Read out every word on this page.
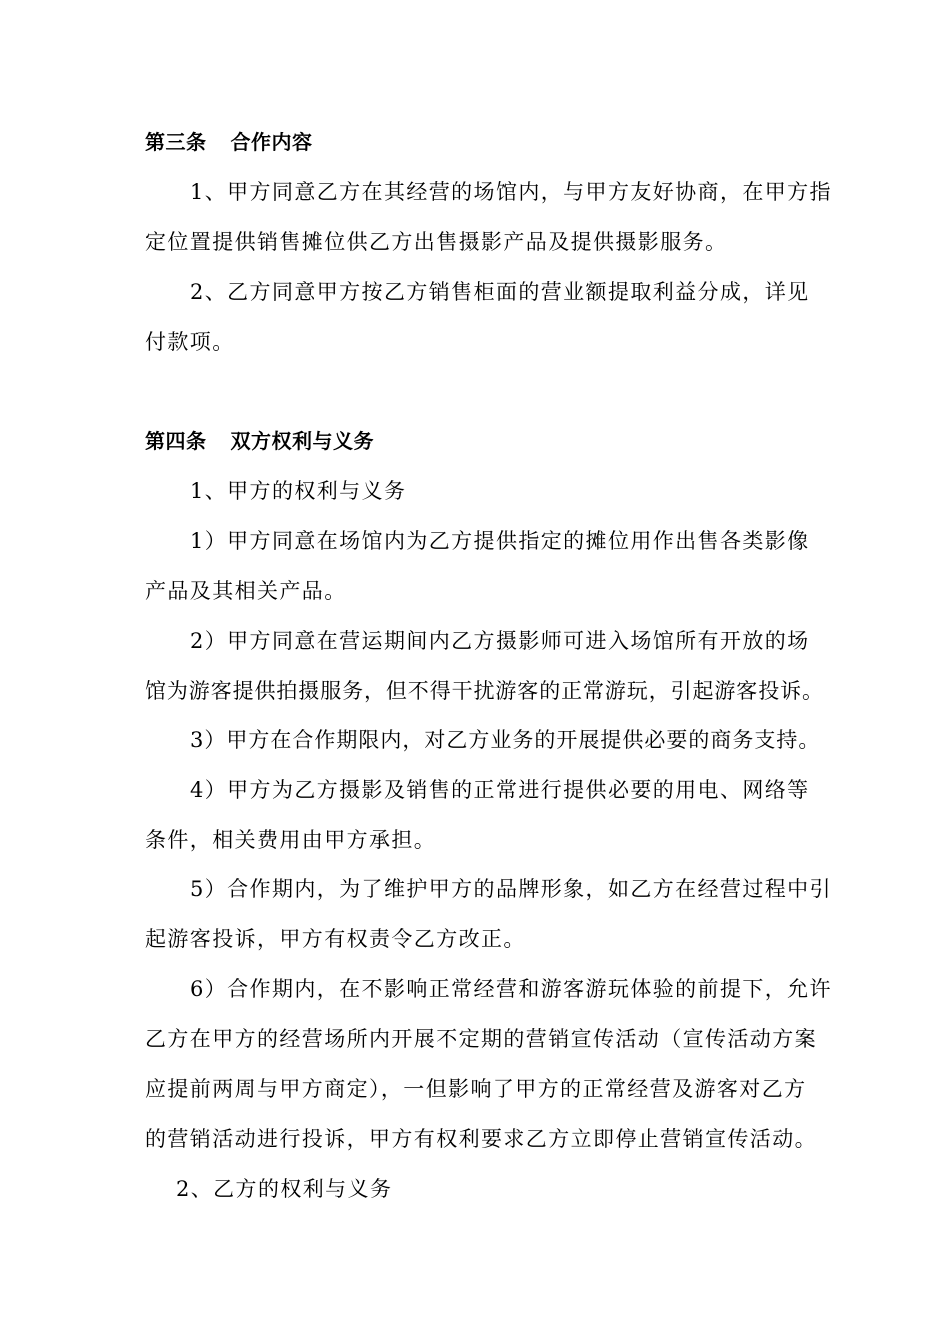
第三条 合作内容
1、甲方同意乙方在其经营的场馆内，与甲方友好协商，在甲方指
定位置提供销售摊位供乙方出售摄影产品及提供摄影服务。
2、乙方同意甲方按乙方销售柜面的营业额提取利益分成，详见
付款项。
第四条 双方权利与义务
1、甲方的权利与义务
1）甲方同意在场馆内为乙方提供指定的摊位用作出售各类影像
产品及其相关产品。
2）甲方同意在营运期间内乙方摄影师可进入场馆所有开放的场
馆为游客提供拍摄服务，但不得干扰游客的正常游玩，引起游客投诉。
3）甲方在合作期限内，对乙方业务的开展提供必要的商务支持。
4）甲方为乙方摄影及销售的正常进行提供必要的用电、网络等
条件，相关费用由甲方承担。
5）合作期内，为了维护甲方的品牌形象，如乙方在经营过程中引
起游客投诉，甲方有权责令乙方改正。
6）合作期内，在不影响正常经营和游客游玩体验的前提下，允许
乙方在甲方的经营场所内开展不定期的营销宣传活动（宣传活动方案
应提前两周与甲方商定），一但影响了甲方的正常经营及游客对乙方
的营销活动进行投诉，甲方有权利要求乙方立即停止营销宣传活动。
2、乙方的权利与义务
